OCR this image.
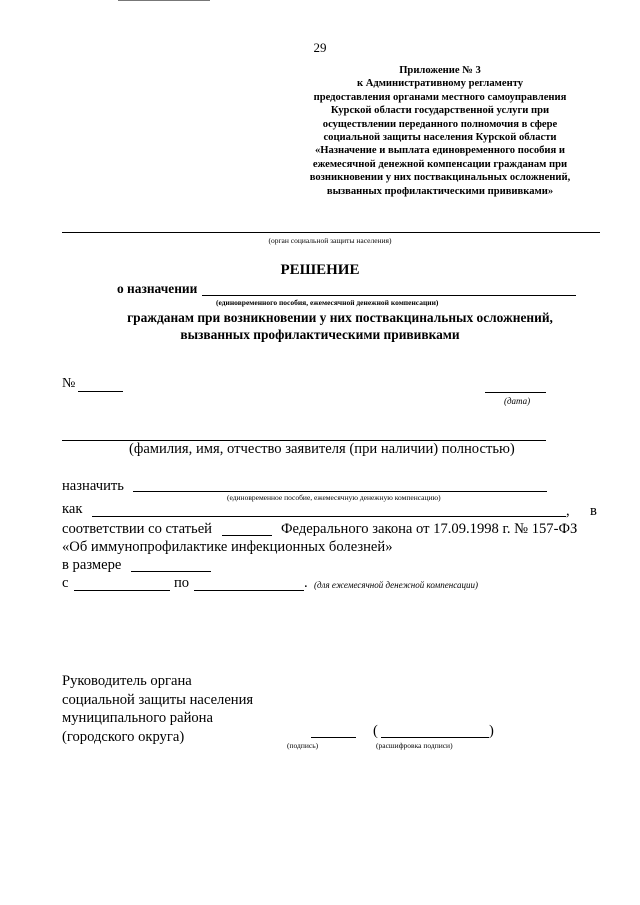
29
Приложение № 3
к Административному регламенту
предоставления органами местного самоуправления
Курской области государственной услуги при
осуществлении переданного полномочия в сфере
социальной защиты населения Курской области
«Назначение и выплата единовременного пособия и
ежемесячной денежной компенсации гражданам при
возникновении у них поствакцинальных осложнений,
вызванных профилактическими прививками»
(орган социальной защиты населения)
РЕШЕНИЕ
о назначении
(единовременного пособия, ежемесячной денежной компенсации)
гражданам при возникновении у них поствакцинальных осложнений,
вызванных профилактическими прививками
№
(дата)
(фамилия, имя, отчество заявителя (при наличии) полностью)
назначить
(единовременное пособие, ежемесячную денежную компенсацию)
как	, в
соответствии со статьей	Федерального закона от 17.09.1998 г. № 157-ФЗ
«Об иммунопрофилактике инфекционных болезней»
в размере
с	по	. (для ежемесячной денежной компенсации)
Руководитель органа
социальной защиты населения
муниципального района
(городского округа)
(подпись)
(	)
(расшифровка подписи)
